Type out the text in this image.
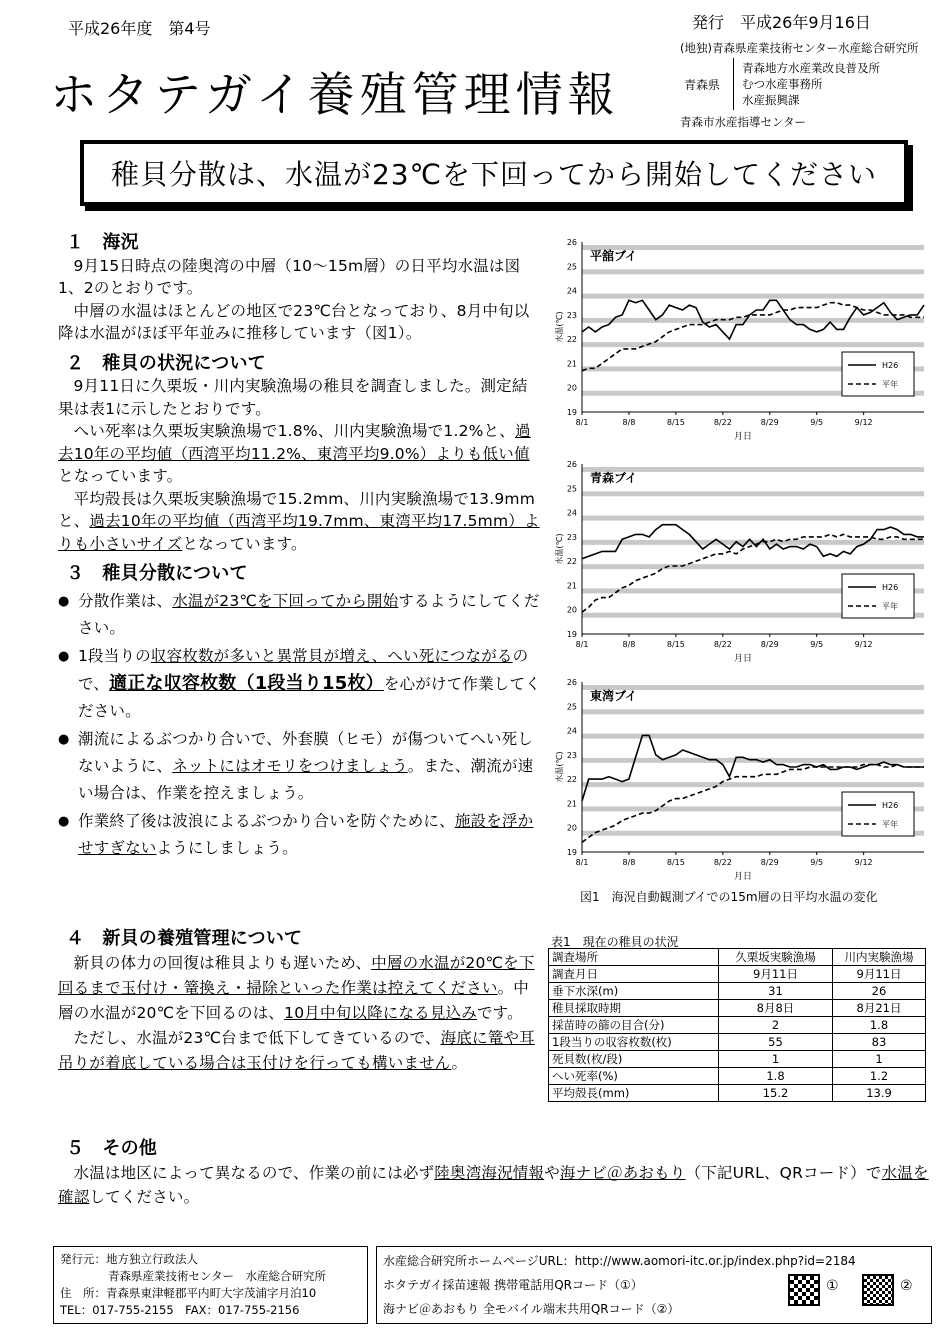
平成26年度　第4号	発行　平成26年9月16日
(地独)青森県産業技術センター水産総合研究所
ホタテガイ養殖管理情報	青森県
青森地方水産業改良普及所
むつ水産事務所
水産振興課
青森市水産指導センター
稚貝分散は、水温が23℃を下回ってから開始してください
１　海況
9月15日時点の陸奥湾の中層（10～15m層）の日平均水温は図1、2のとおりです。
中層の水温はほとんどの地区で23℃台となっており、8月中旬以降は水温がほぼ平年並みに推移しています（図1）。
２　稚貝の状況について
9月11日に久栗坂・川内実験漁場の稚貝を調査しました。測定結果は表1に示したとおりです。
へい死率は久栗坂実験漁場で1.8%、川内実験漁場で1.2%と、過去10年の平均値（西湾平均11.2%、東湾平均9.0%）よりも低い値となっています。
平均殻長は久栗坂実験漁場で15.2mm、川内実験漁場で13.9mmと、過去10年の平均値（西湾平均19.7mm、東湾平均17.5mm）よりも小さいサイズとなっています。
３　稚貝分散について
● 分散作業は、水温が23℃を下回ってから開始するようにしてください。
● 1段当りの収容枚数が多いと異常貝が増え、へい死につながるので、適正な収容枚数（1段当り15枚）を心がけて作業してください。
● 潮流によるぶつかり合いで、外套膜（ヒモ）が傷ついてへい死しないように、ネットにはオモリをつけましょう。また、潮流が速い場合は、作業を控えましょう。
● 作業終了後は波浪によるぶつかり合いを防ぐために、施設を浮かせすぎないようにしましょう。
４　新貝の養殖管理について
新貝の体力の回復は稚貝よりも遅いため、中層の水温が20℃を下回るまで玉付け・篭換え・掃除といった作業は控えてください。中層の水温が20℃を下回るのは、10月中旬以降になる見込みです。
ただし、水温が23℃台まで低下してきているので、海底に篭や耳吊りが着底している場合は玉付けを行っても構いません。
５　その他
水温は地区によって異なるので、作業の前には必ず陸奥湾海況情報や海ナビ＠あおもり（下記URL、QRコード）で水温を確認してください。
19
20
21
22
23
24
25
26
8/1	8/8	8/15	8/22	8/29	9/5	9/12
月日
水温(℃)
平舘ブイ
H26
平年
19
20
21
22
23
24
25
26
8/1	8/8	8/15	8/22	8/29	9/5	9/12
月日
水温(℃)
青森ブイ
H26
平年
19
20
21
22
23
24
25
26
8/1	8/8	8/15	8/22	8/29	9/5	9/12
月日
水温(℃)
東湾ブイ
H26
平年
図1　海況自動観測ブイでの15m層の日平均水温の変化
表1　現在の稚貝の状況
調査場所	久栗坂実験漁場	川内実験漁場
調査月日	9月11日	9月11日
垂下水深(m)	31	26
稚貝採取時期	8月8日	8月21日
採苗時の篩の目合(分)	2	1.8
1段当りの収容枚数(枚)	55	83
死貝数(枚/段)	1	1
へい死率(%)	1.8	1.2
平均殻長(mm)	15.2	13.9
発行元：地方独立行政法人
青森県産業技術センター　水産総合研究所
住　所：青森県東津軽郡平内町大字茂浦字月泊10
TEL：017-755-2155　FAX：017-755-2156
水産総合研究所ホームページURL：http://www.aomori-itc.or.jp/index.php?id=2184
ホタテガイ採苗速報 携帯電話用QRコード（①）
海ナビ＠あおもり 全モバイル端末共用QRコード（②）
①	②
